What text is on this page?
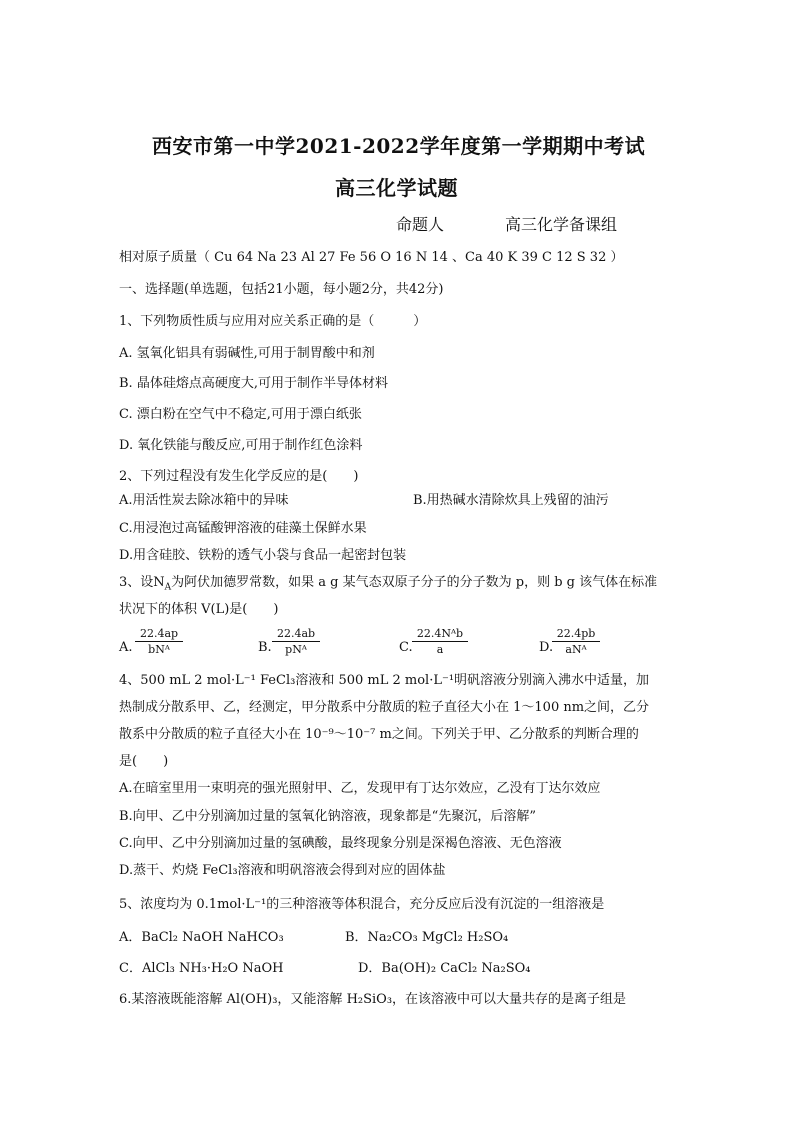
西安市第一中学2021-2022学年度第一学期期中考试
高三化学试题
命题人	高三化学备课组
相对原子质量（ Cu 64 Na 23 Al 27 Fe 56 O 16 N 14 、Ca 40 K 39 C 12 S 32 ）
一、选择题(单选题，包括21小题，每小题2分，共42分)
1、下列物质性质与应用对应关系正确的是（　　　）
A. 氢氧化铝具有弱碱性,可用于制胃酸中和剂
B. 晶体硅熔点高硬度大,可用于制作半导体材料
C. 漂白粉在空气中不稳定,可用于漂白纸张
D. 氧化铁能与酸反应,可用于制作红色涂料
2、下列过程没有发生化学反应的是(　　)
A.用活性炭去除冰箱中的异味	B.用热碱水清除炊具上残留的油污
C.用浸泡过高锰酸钾溶液的硅藻土保鲜水果
D.用含硅胶、铁粉的透气小袋与食品一起密封包装
3、设$N_A$为阿伏加德罗常数，如果 a g 某气态双原子分子的分子数为 p，则 b g 该气体在标准
状况下的体积 V(L)是(　　)
A.
22.4ap
bNᴬ	B.
22.4ab
pNᴬ	C.
22.4Nᴬb
a	D.
22.4pb
aNᴬ
4、500 mL 2 mol·L⁻¹ FeCl₃溶液和 500 mL 2 mol·L⁻¹明矾溶液分别滴入沸水中适量，加
热制成分散系甲、乙，经测定，甲分散系中分散质的粒子直径大小在 1～100 nm之间，乙分
散系中分散质的粒子直径大小在 10⁻⁹～10⁻⁷ m之间。下列关于甲、乙分散系的判断合理的
是(　　)
A.在暗室里用一束明亮的强光照射甲、乙，发现甲有丁达尔效应，乙没有丁达尔效应
B.向甲、乙中分别滴加过量的氢氧化钠溶液，现象都是“先聚沉，后溶解”
C.向甲、乙中分别滴加过量的氢碘酸，最终现象分别是深褐色溶液、无色溶液
D.蒸干、灼烧 FeCl₃溶液和明矾溶液会得到对应的固体盐
5、浓度均为 0.1mol·L⁻¹的三种溶液等体积混合，充分反应后没有沉淀的一组溶液是
A．BaCl₂ NaOH NaHCO₃	B．Na₂CO₃ MgCl₂ H₂SO₄
C．AlCl₃ NH₃·H₂O NaOH	D．Ba(OH)₂ CaCl₂ Na₂SO₄
6.某溶液既能溶解 Al(OH)₃，又能溶解 H₂SiO₃，在该溶液中可以大量共存的是离子组是
